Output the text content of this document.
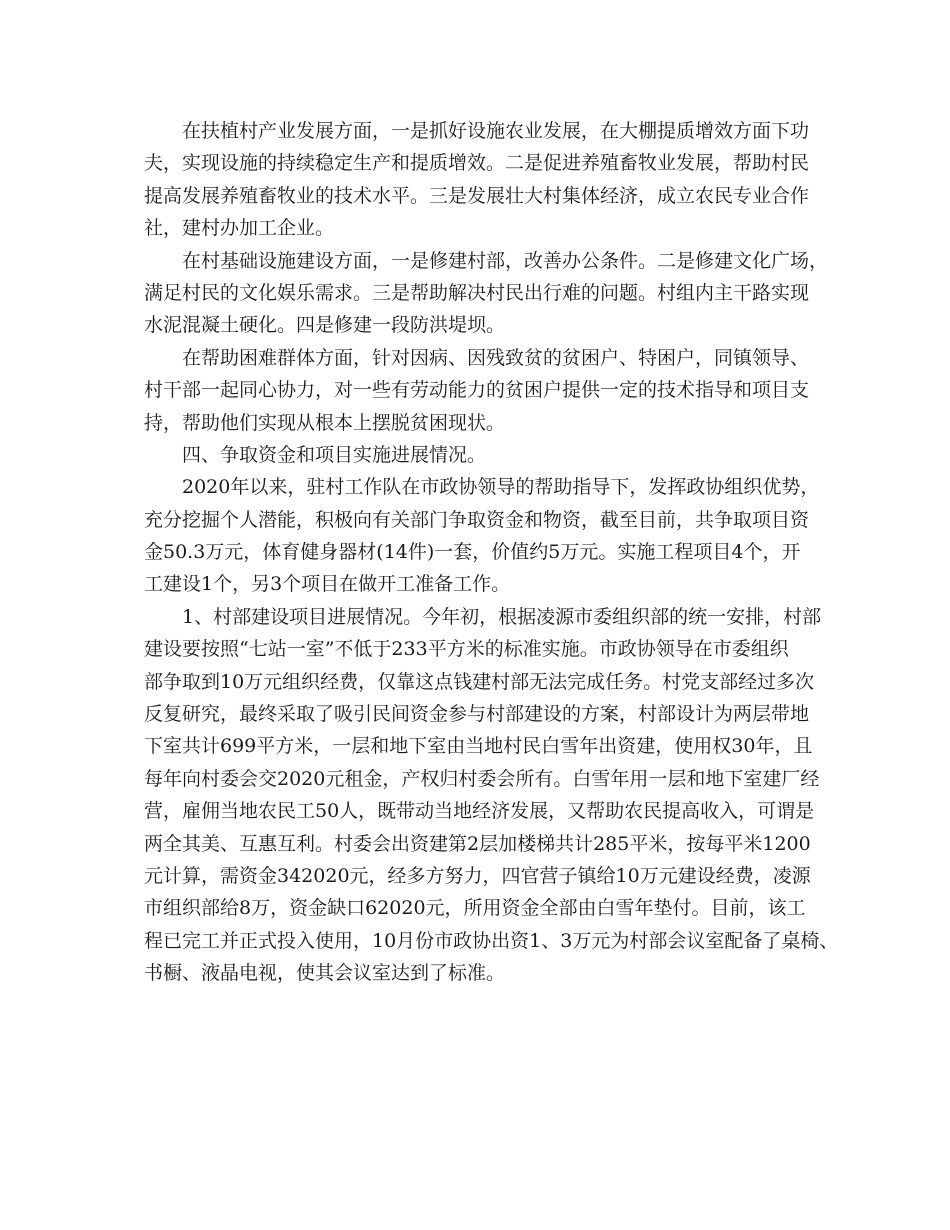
在扶植村产业发展方面，一是抓好设施农业发展，在大棚提质增效方面下功
夫，实现设施的持续稳定生产和提质增效。二是促进养殖畜牧业发展，帮助村民
提高发展养殖畜牧业的技术水平。三是发展壮大村集体经济，成立农民专业合作
社，建村办加工企业。
在村基础设施建设方面，一是修建村部，改善办公条件。二是修建文化广场，
满足村民的文化娱乐需求。三是帮助解决村民出行难的问题。村组内主干路实现
水泥混凝土硬化。四是修建一段防洪堤坝。
在帮助困难群体方面，针对因病、因残致贫的贫困户、特困户，同镇领导、
村干部一起同心协力，对一些有劳动能力的贫困户提供一定的技术指导和项目支
持，帮助他们实现从根本上摆脱贫困现状。
四、争取资金和项目实施进展情况。
2020年以来，驻村工作队在市政协领导的帮助指导下，发挥政协组织优势，
充分挖掘个人潜能，积极向有关部门争取资金和物资，截至目前，共争取项目资
金50.3万元，体育健身器材(14件)一套，价值约5万元。实施工程项目4个，开
工建设1个，另3个项目在做开工准备工作。
1、村部建设项目进展情况。今年初，根据凌源市委组织部的统一安排，村部
建设要按照“七站一室”不低于233平方米的标准实施。市政协领导在市委组织
部争取到10万元组织经费，仅靠这点钱建村部无法完成任务。村党支部经过多次
反复研究，最终采取了吸引民间资金参与村部建设的方案，村部设计为两层带地
下室共计699平方米，一层和地下室由当地村民白雪年出资建，使用权30年，且
每年向村委会交2020元租金，产权归村委会所有。白雪年用一层和地下室建厂经
营，雇佣当地农民工50人，既带动当地经济发展，又帮助农民提高收入，可谓是
两全其美、互惠互利。村委会出资建第2层加楼梯共计285平米，按每平米1200
元计算，需资金342020元，经多方努力，四官营子镇给10万元建设经费，凌源
市组织部给8万，资金缺口62020元，所用资金全部由白雪年垫付。目前，该工
程已完工并正式投入使用，10月份市政协出资1、3万元为村部会议室配备了桌椅、
书橱、液晶电视，使其会议室达到了标准。
